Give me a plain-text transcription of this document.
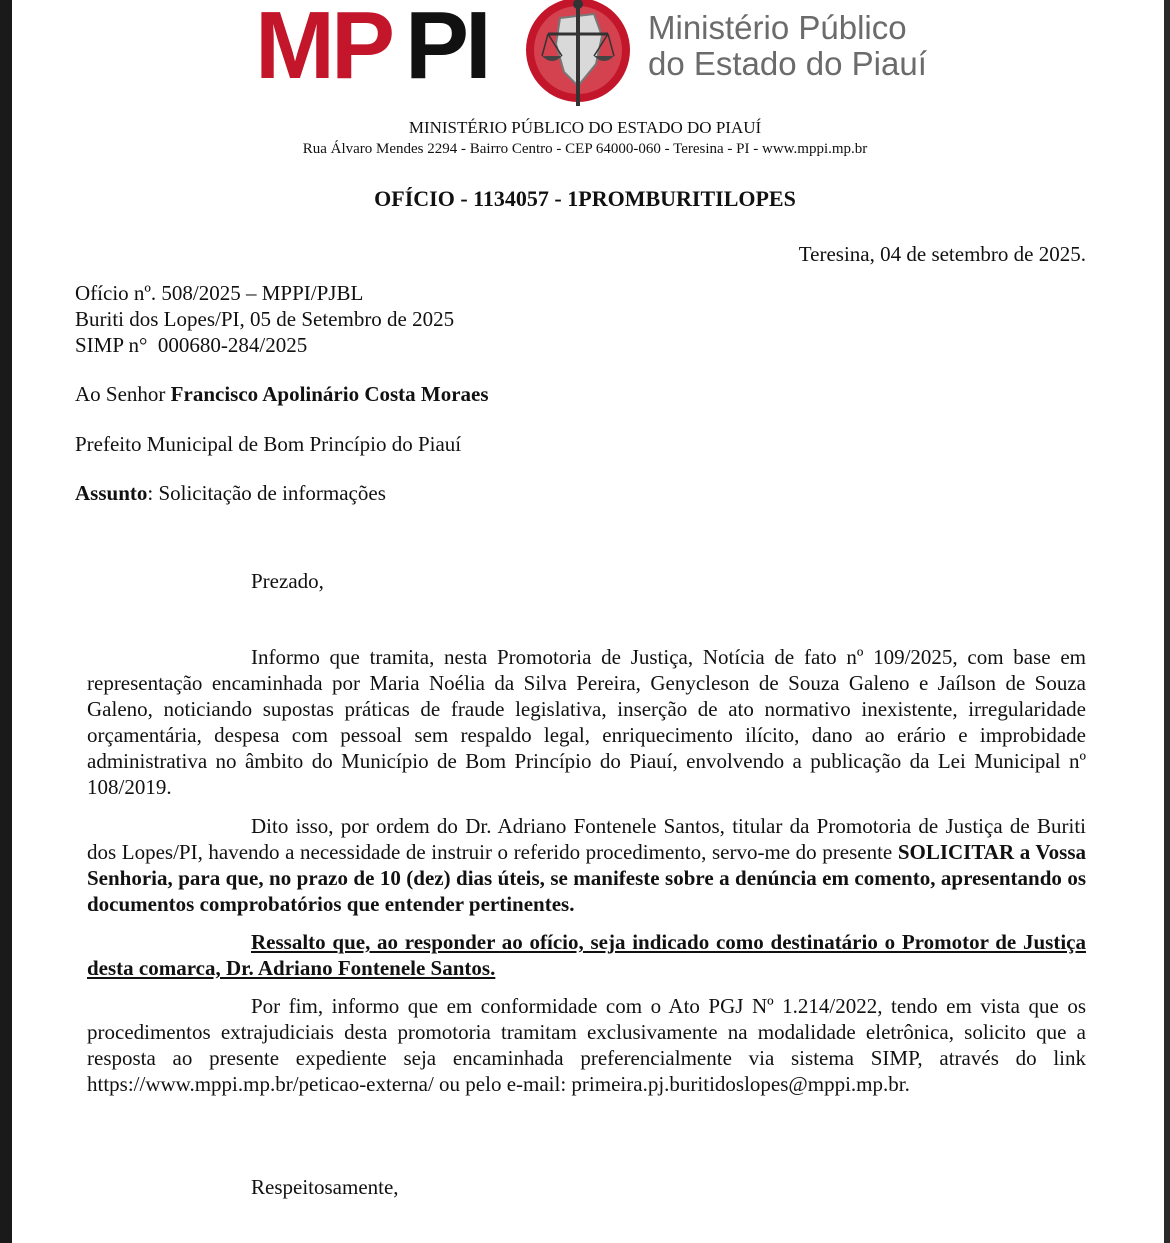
MP PI	Ministério Público
do Estado do Piauí
MINISTÉRIO PÚBLICO DO ESTADO DO PIAUÍ
Rua Álvaro Mendes 2294 - Bairro Centro - CEP 64000-060 - Teresina - PI - www.mppi.mp.br
OFÍCIO - 1134057 - 1PROMBURITILOPES
Teresina, 04 de setembro de 2025.
Ofício nº. 508/2025 – MPPI/PJBL
Buriti dos Lopes/PI, 05 de Setembro de 2025
SIMP n°  000680-284/2025
Ao Senhor Francisco Apolinário Costa Moraes
Prefeito Municipal de Bom Princípio do Piauí
Assunto: Solicitação de informações
Prezado,
Informo que tramita, nesta Promotoria de Justiça, Notícia de fato nº 109/2025, com base em representação encaminhada por Maria Noélia da Silva Pereira, Genycleson de Souza Galeno e Jaílson de Souza Galeno, noticiando supostas práticas de fraude legislativa, inserção de ato normativo inexistente, irregularidade orçamentária, despesa com pessoal sem respaldo legal, enriquecimento ilícito, dano ao erário e improbidade administrativa no âmbito do Município de Bom Princípio do Piauí, envolvendo a publicação da Lei Municipal nº 108/2019.
Dito isso, por ordem do Dr. Adriano Fontenele Santos, titular da Promotoria de Justiça de Buriti dos Lopes/PI, havendo a necessidade de instruir o referido procedimento, servo-me do presente SOLICITAR a Vossa Senhoria, para que, no prazo de 10 (dez) dias úteis, se manifeste sobre a denúncia em comento, apresentando os documentos comprobatórios que entender pertinentes.
Ressalto que, ao responder ao ofício, seja indicado como destinatário o Promotor de Justiça desta comarca, Dr. Adriano Fontenele Santos.
Por fim, informo que em conformidade com o Ato PGJ Nº 1.214/2022, tendo em vista que os procedimentos extrajudiciais desta promotoria tramitam exclusivamente na modalidade eletrônica, solicito que a resposta ao presente expediente seja encaminhada preferencialmente via sistema SIMP, através do link https://www.mppi.mp.br/peticao-externa/ ou pelo e-mail: primeira.pj.buritidoslopes@mppi.mp.br.
Respeitosamente,
